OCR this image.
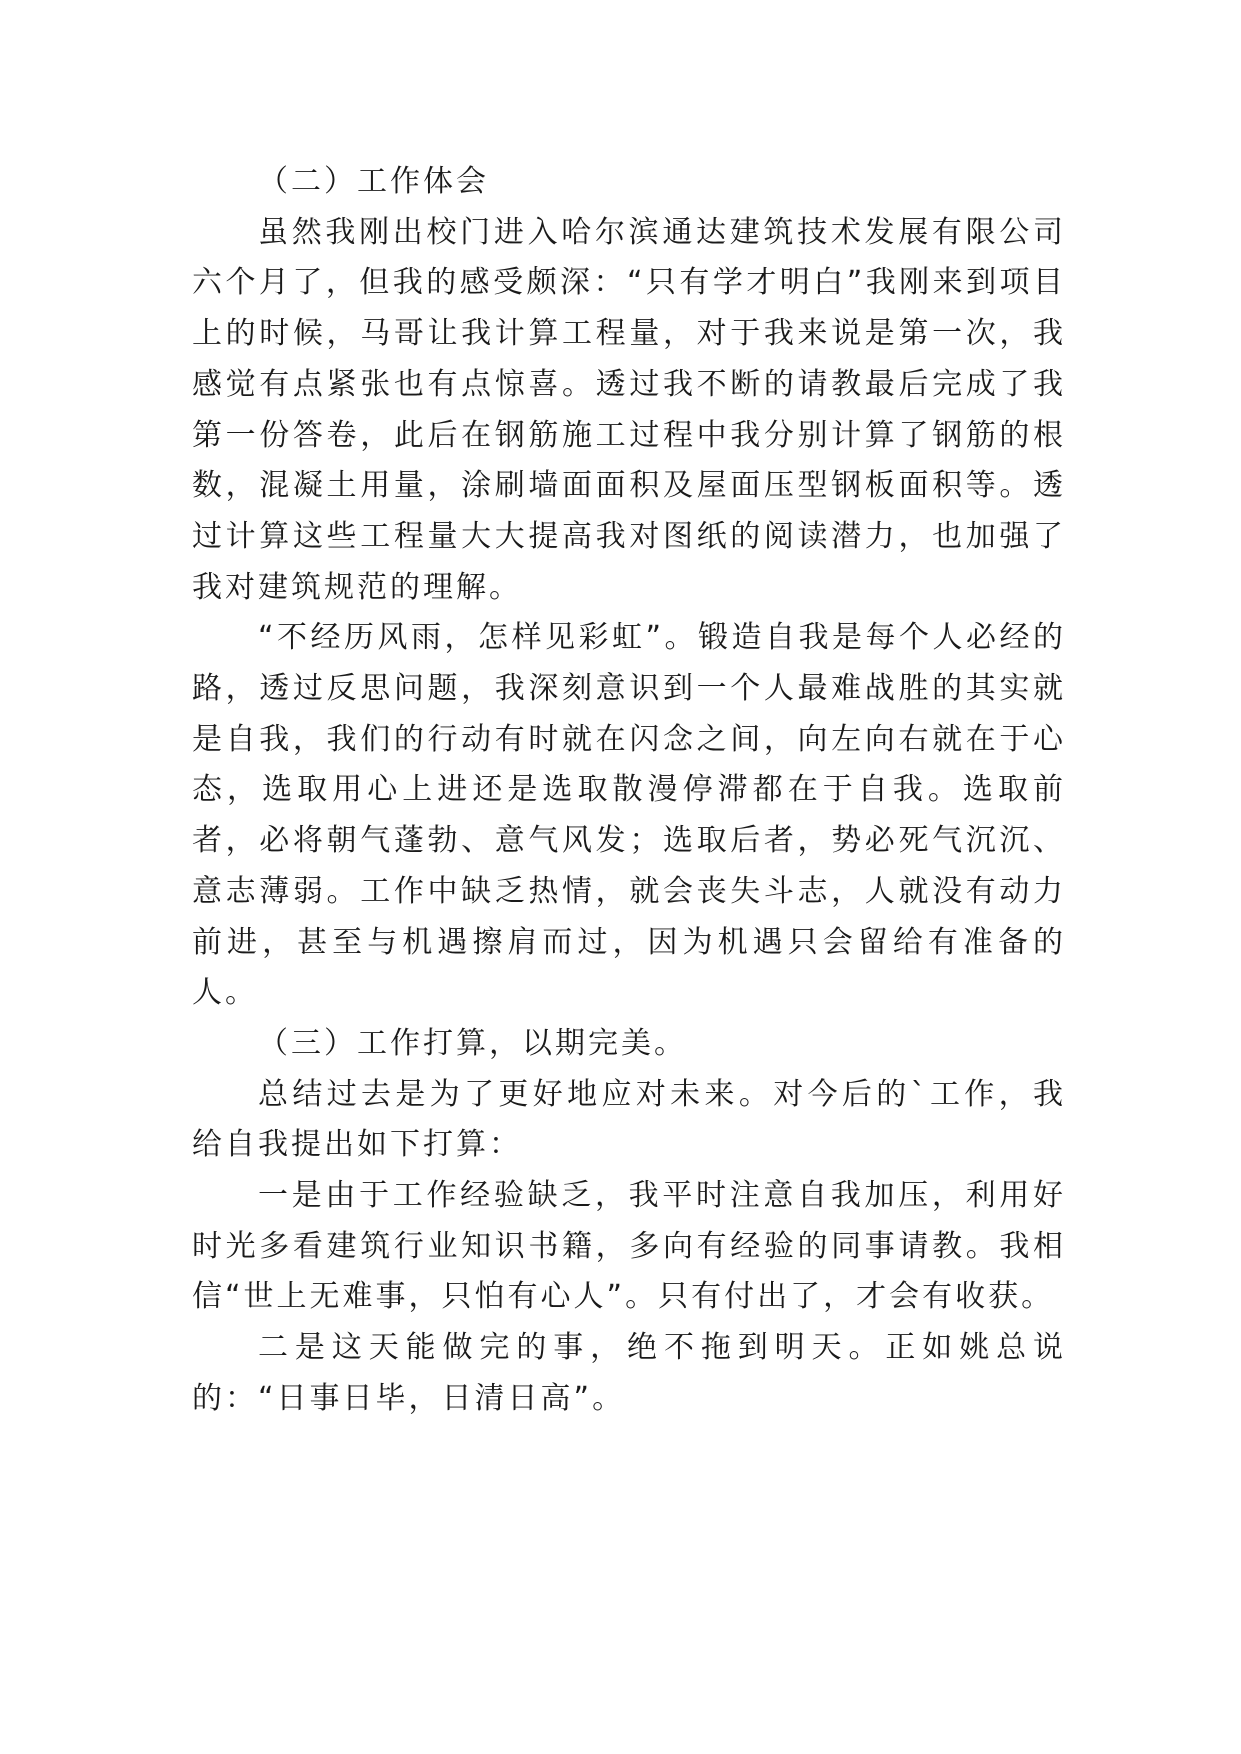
（二）工作体会

虽然我刚出校门进入哈尔滨通达建筑技术发展有限公司六个月了，但我的感受颇深：“只有学才明白”我刚来到项目上的时候，马哥让我计算工程量，对于我来说是第一次，我感觉有点紧张也有点惊喜。透过我不断的请教最后完成了我第一份答卷，此后在钢筋施工过程中我分别计算了钢筋的根数，混凝土用量，涂刷墙面面积及屋面压型钢板面积等。透过计算这些工程量大大提高我对图纸的阅读潜力，也加强了我对建筑规范的理解。

“不经历风雨，怎样见彩虹”。锻造自我是每个人必经的路，透过反思问题，我深刻意识到一个人最难战胜的其实就是自我，我们的行动有时就在闪念之间，向左向右就在于心态，选取用心上进还是选取散漫停滞都在于自我。选取前者，必将朝气蓬勃、意气风发；选取后者，势必死气沉沉、意志薄弱。工作中缺乏热情，就会丧失斗志，人就没有动力前进，甚至与机遇擦肩而过，因为机遇只会留给有准备的人。

（三）工作打算，以期完美。

总结过去是为了更好地应对未来。对今后的`工作，我给自我提出如下打算：

一是由于工作经验缺乏，我平时注意自我加压，利用好时光多看建筑行业知识书籍，多向有经验的同事请教。我相信“世上无难事，只怕有心人”。只有付出了，才会有收获。

二是这天能做完的事，绝不拖到明天。正如姚总说的：“日事日毕，日清日高”。
